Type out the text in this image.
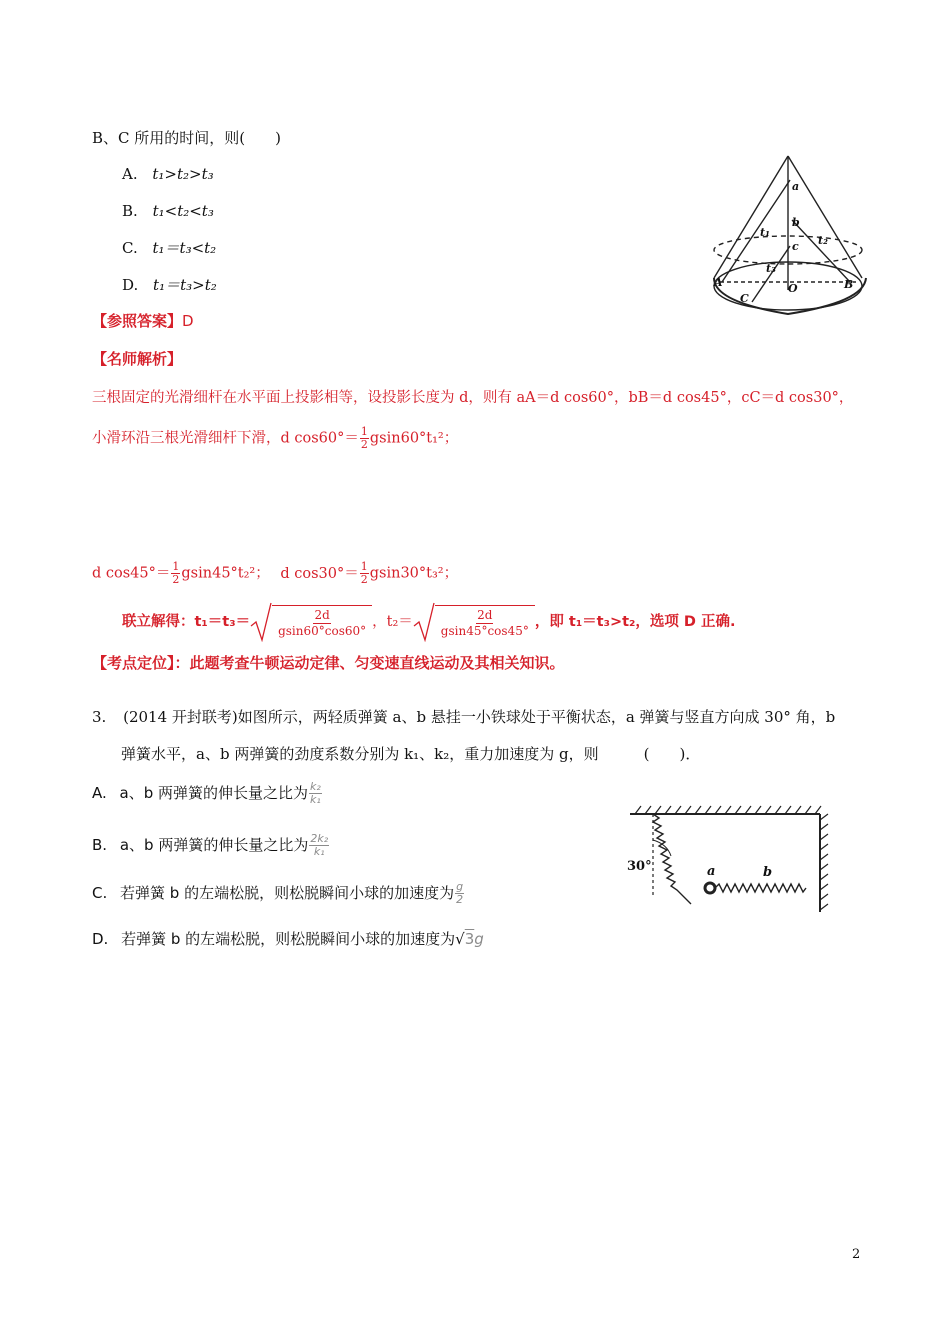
B、C 所用的时间，则(　　)
A. t₁>t₂>t₃
B. t₁<t₂<t₃
C. t₁＝t₃<t₂
D. t₁＝t₃>t₂
a
b
c
t₁
t₂
t₃
A	B
C
O
【参照答案】D
【名师解析】
三根固定的光滑细杆在水平面上投影相等，设投影长度为 d，则有 aA＝d cos60°，bB＝d cos45°，cC＝d cos30°，
小滑环沿三根光滑细杆下滑，d $\cos 60^\circ= \frac{1}{2} gsin60^\circ t_1^2$；
d $\cos 45^\circ= \frac{1}{2} gsin45^\circ t_2^2$； d $\cos 30^\circ= \frac{1}{2} gsin30^\circ t_3^2$；
联立解得：$t_1=t_3= \frac{2d}{gsin60^\circ\cos 60^\circ}$ ，$t_2= \frac{2d}{gsin45^\circ\cos 45^\circ}$ ，即 t₁＝t₃>t₂，选项 D 正确.
【考点定位】：此题考查牛顿运动定律、匀变速直线运动及其相关知识。
3. (2014 开封联考)如图所示，两轻质弹簧 a、b 悬挂一小铁球处于平衡状态，a 弹簧与竖直方向成 30° 角，b
弹簧水平，a、b 两弹簧的劲度系数分别为 k₁、k₂，重力加速度为 g，则　　　(　　)．
A. a、b 两弹簧的伸长量之比为 $\frac{\text{k₂}}{\text{k₁}}$
B. a、b 两弹簧的伸长量之比为 $\frac{\text{2k₂}}{\text{k₁}}$
C. 若弹簧 b 的左端松脱，则松脱瞬间小球的加速度为 $\frac{g}{2}$
D. 若弹簧 b 的左端松脱，则松脱瞬间小球的加速度为√3g
30°	a	b
2
